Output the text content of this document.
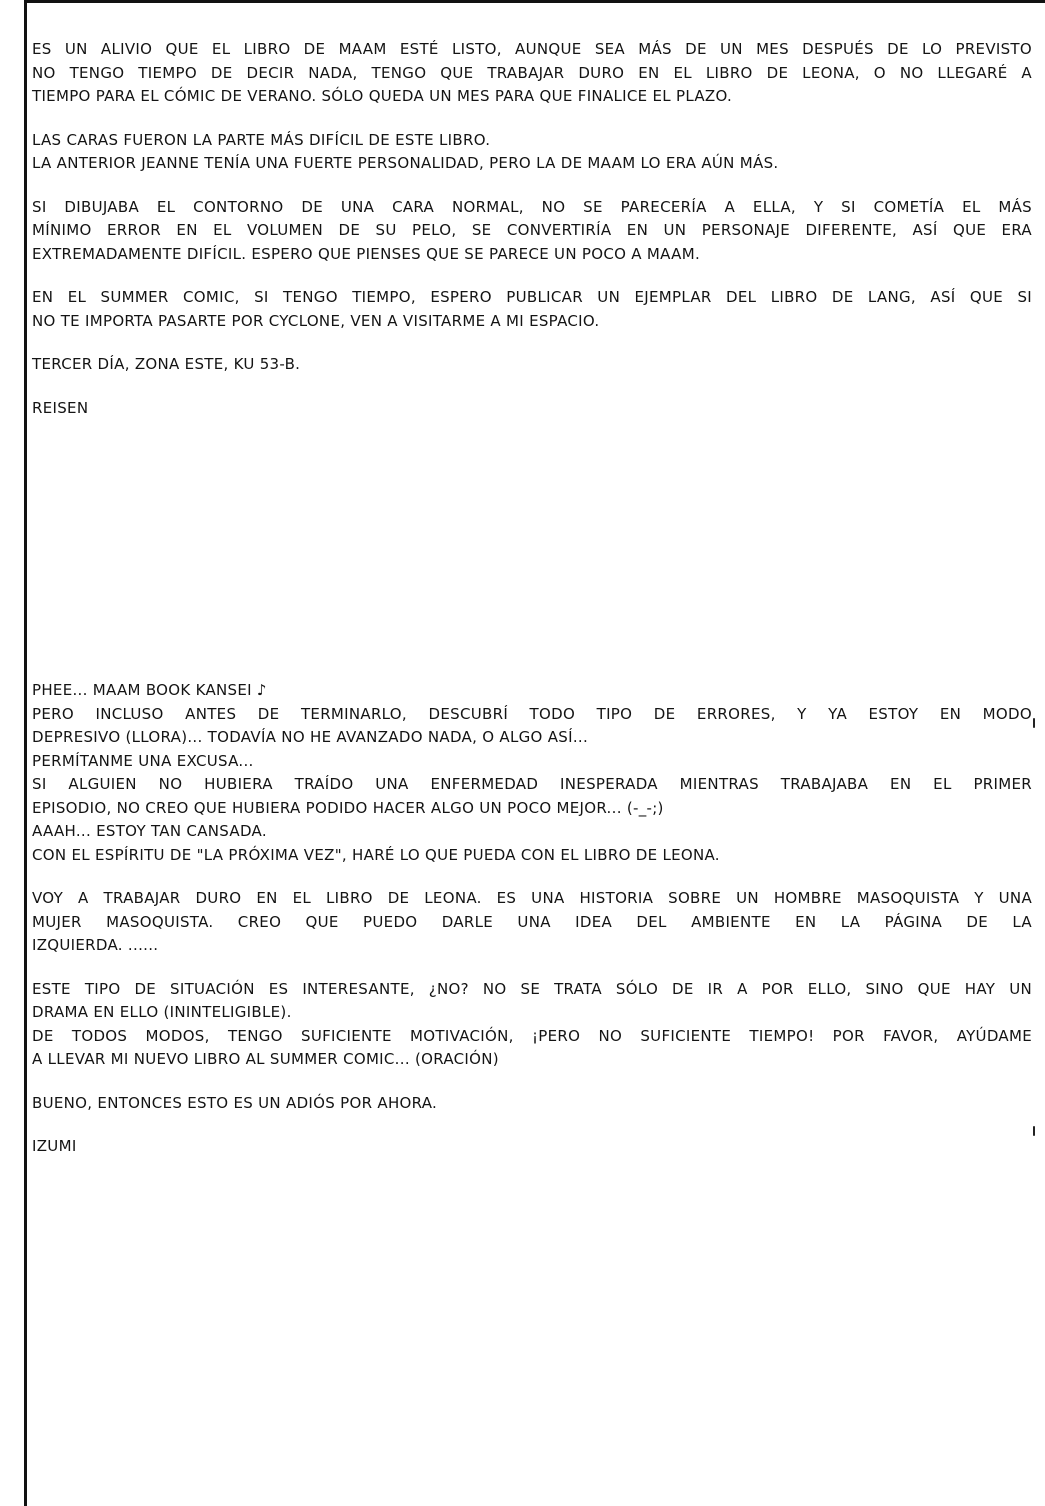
ES UN ALIVIO QUE EL LIBRO DE MAAM ESTÉ LISTO, AUNQUE SEA MÁS DE UN MES DESPUÉS DE LO PREVISTO
NO TENGO TIEMPO DE DECIR NADA, TENGO QUE TRABAJAR DURO EN EL LIBRO DE LEONA, O NO LLEGARÉ A
TIEMPO PARA EL CÓMIC DE VERANO. SÓLO QUEDA UN MES PARA QUE FINALICE EL PLAZO.

LAS CARAS FUERON LA PARTE MÁS DIFÍCIL DE ESTE LIBRO.
LA ANTERIOR JEANNE TENÍA UNA FUERTE PERSONALIDAD, PERO LA DE MAAM LO ERA AÚN MÁS.

SI DIBUJABA EL CONTORNO DE UNA CARA NORMAL, NO SE PARECERÍA A ELLA, Y SI COMETÍA EL MÁS
MÍNIMO ERROR EN EL VOLUMEN DE SU PELO, SE CONVERTIRÍA EN UN PERSONAJE DIFERENTE, ASÍ QUE ERA
EXTREMADAMENTE DIFÍCIL. ESPERO QUE PIENSES QUE SE PARECE UN POCO A MAAM.

EN EL SUMMER COMIC, SI TENGO TIEMPO, ESPERO PUBLICAR UN EJEMPLAR DEL LIBRO DE LANG, ASÍ QUE SI
NO TE IMPORTA PASARTE POR CYCLONE, VEN A VISITARME A MI ESPACIO.

TERCER DÍA, ZONA ESTE, KU 53-B.

REISEN

PHEE... MAAM BOOK KANSEI ♪
PERO INCLUSO ANTES DE TERMINARLO, DESCUBRÍ TODO TIPO DE ERRORES, Y YA ESTOY EN MODO
DEPRESIVO (LLORA)... TODAVÍA NO HE AVANZADO NADA, O ALGO ASÍ...
PERMÍTANME UNA EXCUSA...
SI ALGUIEN NO HUBIERA TRAÍDO UNA ENFERMEDAD INESPERADA MIENTRAS TRABAJABA EN EL PRIMER
EPISODIO, NO CREO QUE HUBIERA PODIDO HACER ALGO UN POCO MEJOR... (-_-;)
AAAH... ESTOY TAN CANSADA.
CON EL ESPÍRITU DE "LA PRÓXIMA VEZ", HARÉ LO QUE PUEDA CON EL LIBRO DE LEONA.

VOY A TRABAJAR DURO EN EL LIBRO DE LEONA. ES UNA HISTORIA SOBRE UN HOMBRE MASOQUISTA Y UNA
MUJER MASOQUISTA. CREO QUE PUEDO DARLE UNA IDEA DEL AMBIENTE EN LA PÁGINA DE LA
IZQUIERDA. ......

ESTE TIPO DE SITUACIÓN ES INTERESANTE, ¿NO? NO SE TRATA SÓLO DE IR A POR ELLO, SINO QUE HAY UN
DRAMA EN ELLO (ININTELIGIBLE).
DE TODOS MODOS, TENGO SUFICIENTE MOTIVACIÓN, ¡PERO NO SUFICIENTE TIEMPO! POR FAVOR, AYÚDAME
A LLEVAR MI NUEVO LIBRO AL SUMMER COMIC... (ORACIÓN)

BUENO, ENTONCES ESTO ES UN ADIÓS POR AHORA.

IZUMI
